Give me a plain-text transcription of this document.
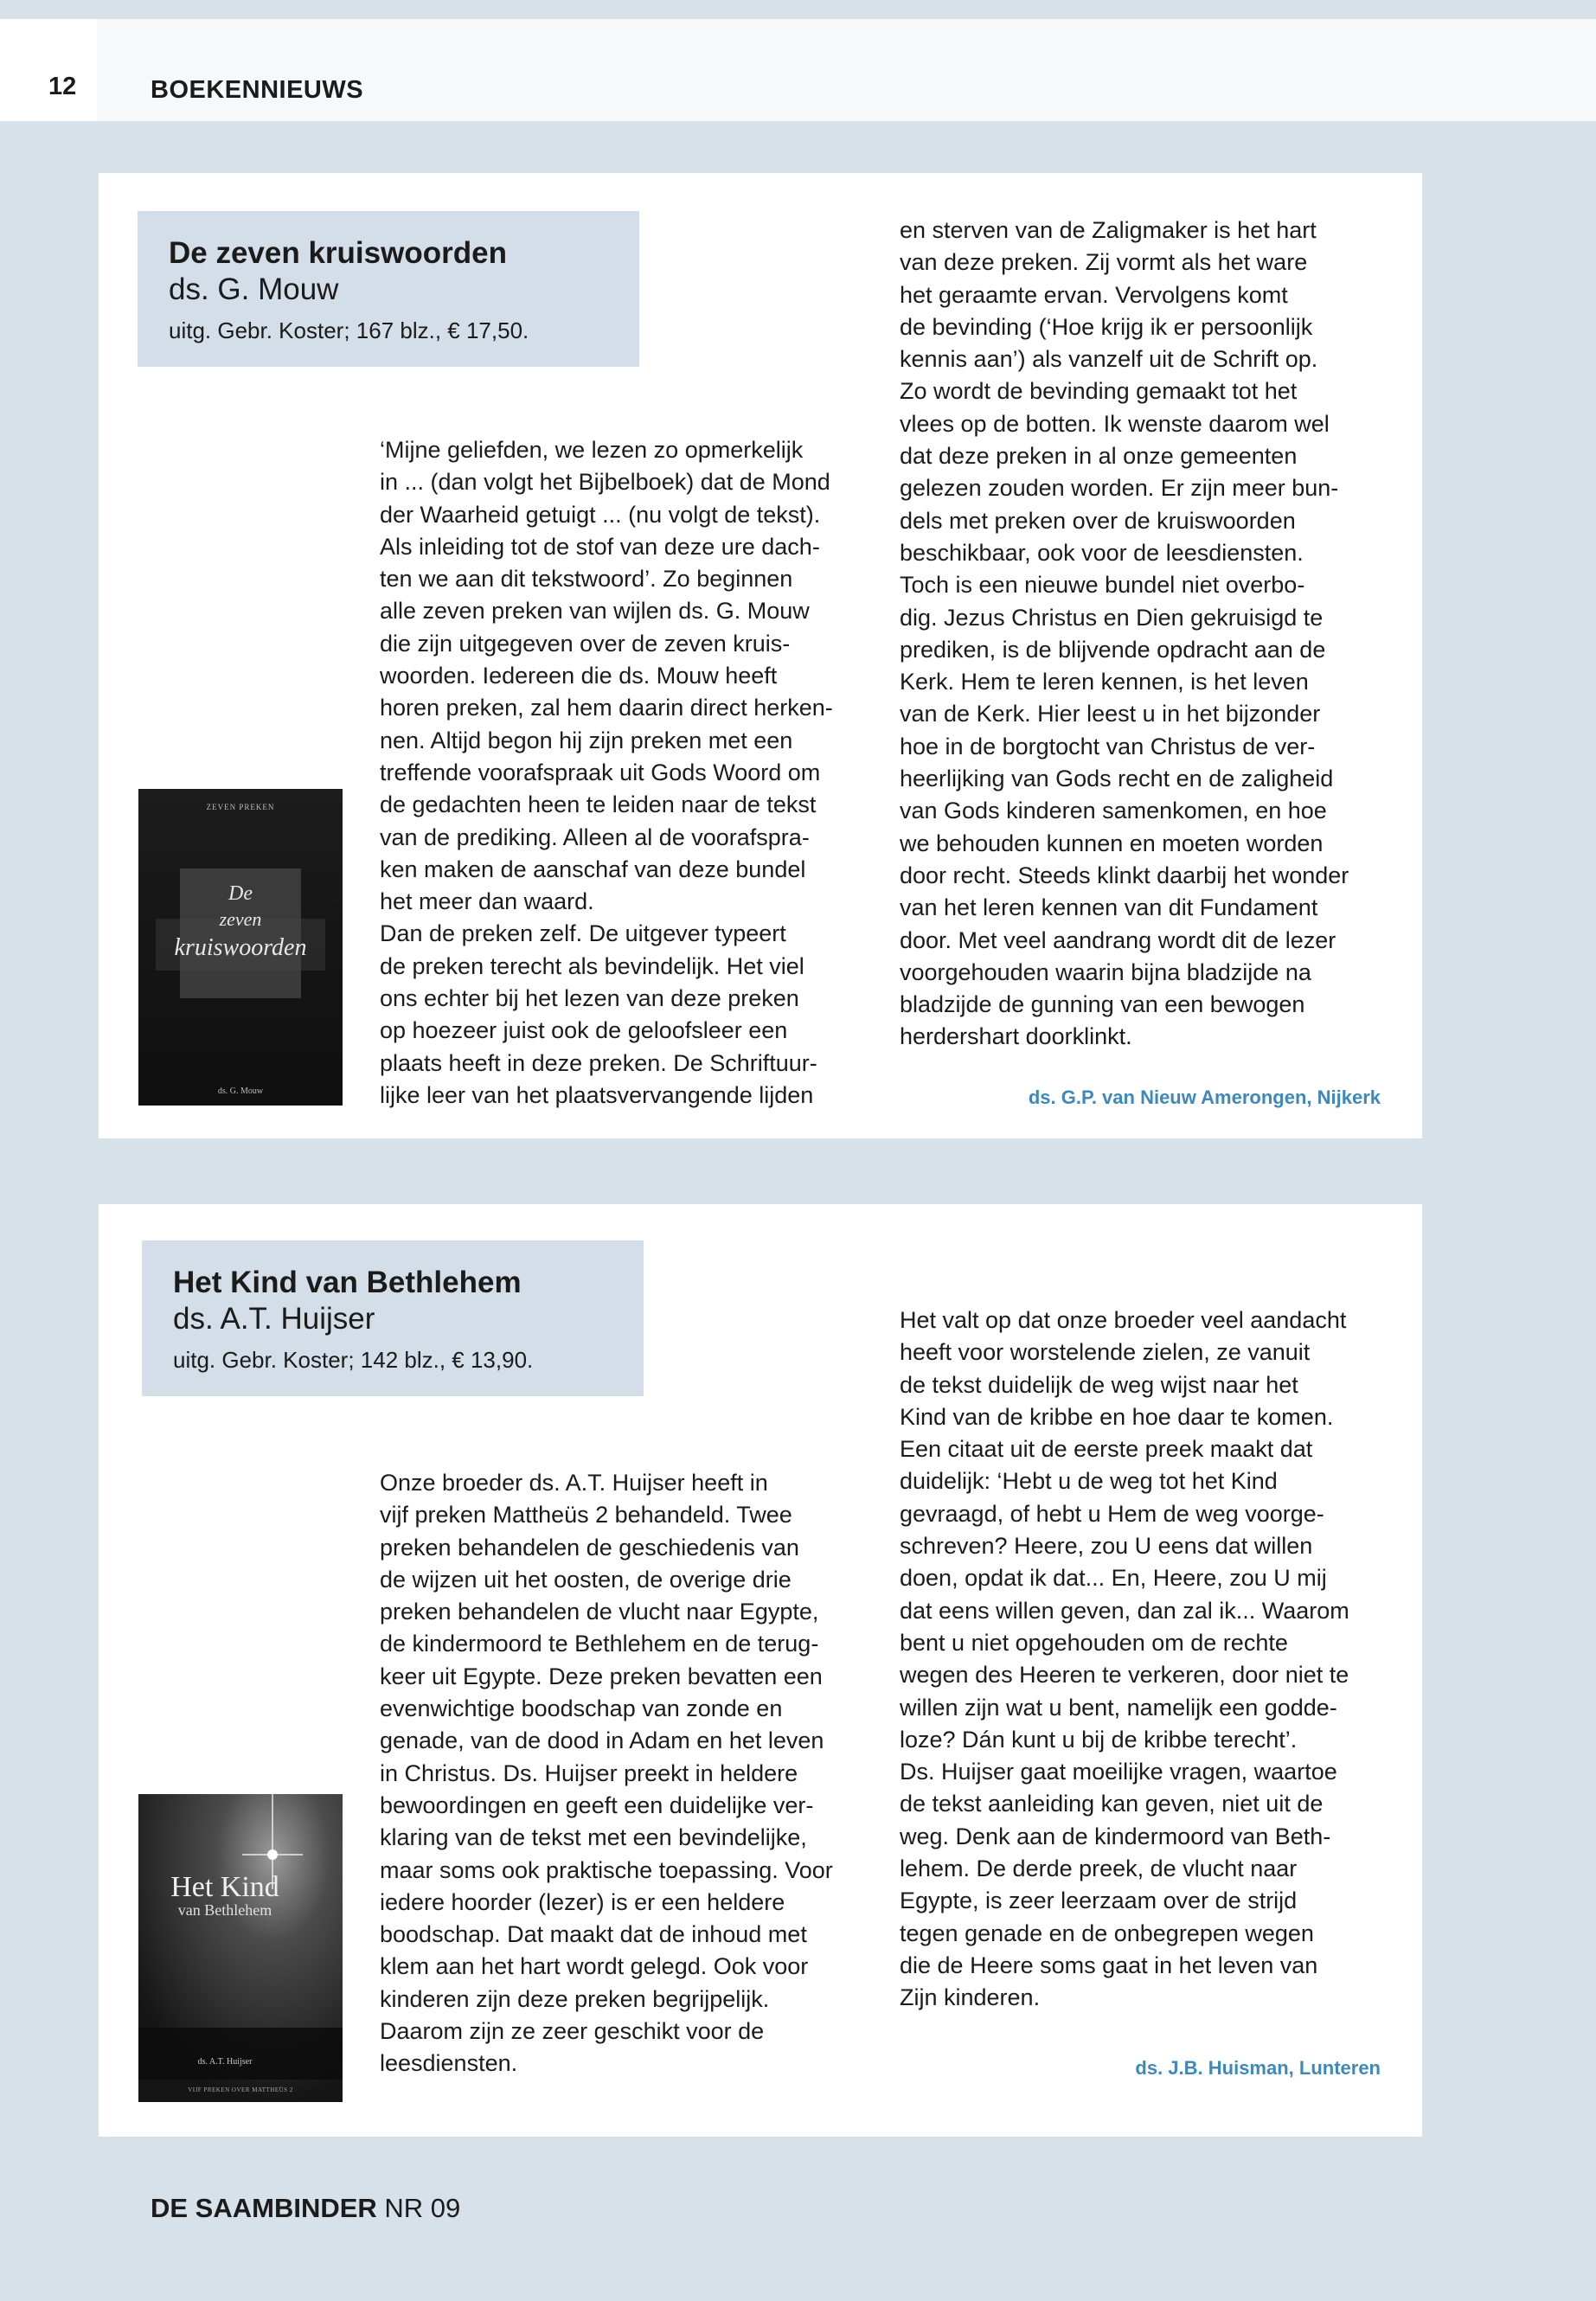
12	BOEKENNIEUWS
De zeven kruiswoorden
ds. G. Mouw
uitg. Gebr. Koster; 167 blz., € 17,50.
ZEVEN PREKEN
De
zeven
kruiswoorden
ds. G. Mouw
‘Mijne geliefden, we lezen zo opmerkelijk
in ... (dan volgt het Bijbelboek) dat de Mond
der Waarheid getuigt ... (nu volgt de tekst).
Als inleiding tot de stof van deze ure dach-
ten we aan dit tekstwoord’. Zo beginnen
alle zeven preken van wijlen ds. G. Mouw
die zijn uitgegeven over de zeven kruis-
woorden. Iedereen die ds. Mouw heeft
horen preken, zal hem daarin direct herken-
nen. Altijd begon hij zijn preken met een
treffende voorafspraak uit Gods Woord om
de gedachten heen te leiden naar de tekst
van de prediking. Alleen al de voorafspra-
ken maken de aanschaf van deze bundel
het meer dan waard.
Dan de preken zelf. De uitgever typeert
de preken terecht als bevindelijk. Het viel
ons echter bij het lezen van deze preken
op hoezeer juist ook de geloofsleer een
plaats heeft in deze preken. De Schriftuur-
lijke leer van het plaatsvervangende lijden
en sterven van de Zaligmaker is het hart
van deze preken. Zij vormt als het ware
het geraamte ervan. Vervolgens komt
de bevinding (‘Hoe krijg ik er persoonlijk
kennis aan’) als vanzelf uit de Schrift op.
Zo wordt de bevinding gemaakt tot het
vlees op de botten. Ik wenste daarom wel
dat deze preken in al onze gemeenten
gelezen zouden worden. Er zijn meer bun-
dels met preken over de kruiswoorden
beschikbaar, ook voor de leesdiensten.
Toch is een nieuwe bundel niet overbo-
dig. Jezus Christus en Dien gekruisigd te
prediken, is de blijvende opdracht aan de
Kerk. Hem te leren kennen, is het leven
van de Kerk. Hier leest u in het bijzonder
hoe in de borgtocht van Christus de ver-
heerlijking van Gods recht en de zaligheid
van Gods kinderen samenkomen, en hoe
we behouden kunnen en moeten worden
door recht. Steeds klinkt daarbij het wonder
van het leren kennen van dit Fundament
door. Met veel aandrang wordt dit de lezer
voorgehouden waarin bijna bladzijde na
bladzijde de gunning van een bewogen
herdershart doorklinkt.
ds. G.P. van Nieuw Amerongen, Nijkerk
Het Kind van Bethlehem
ds. A.T. Huijser
uitg. Gebr. Koster; 142 blz., € 13,90.
Het Kind
van Bethlehem
ds. A.T. Huijser
VIJF PREKEN OVER MATTHEÜS 2
Onze broeder ds. A.T. Huijser heeft in
vijf preken Mattheüs 2 behandeld. Twee
preken behandelen de geschiedenis van
de wijzen uit het oosten, de overige drie
preken behandelen de vlucht naar Egypte,
de kindermoord te Bethlehem en de terug-
keer uit Egypte. Deze preken bevatten een
evenwichtige boodschap van zonde en
genade, van de dood in Adam en het leven
in Christus. Ds. Huijser preekt in heldere
bewoordingen en geeft een duidelijke ver-
klaring van de tekst met een bevindelijke,
maar soms ook praktische toepassing. Voor
iedere hoorder (lezer) is er een heldere
boodschap. Dat maakt dat de inhoud met
klem aan het hart wordt gelegd. Ook voor
kinderen zijn deze preken begrijpelijk.
Daarom zijn ze zeer geschikt voor de
leesdiensten.
Het valt op dat onze broeder veel aandacht
heeft voor worstelende zielen, ze vanuit
de tekst duidelijk de weg wijst naar het
Kind van de kribbe en hoe daar te komen.
Een citaat uit de eerste preek maakt dat
duidelijk: ‘Hebt u de weg tot het Kind
gevraagd, of hebt u Hem de weg voorge-
schreven? Heere, zou U eens dat willen
doen, opdat ik dat... En, Heere, zou U mij
dat eens willen geven, dan zal ik... Waarom
bent u niet opgehouden om de rechte
wegen des Heeren te verkeren, door niet te
willen zijn wat u bent, namelijk een godde-
loze? Dán kunt u bij de kribbe terecht’.
Ds. Huijser gaat moeilijke vragen, waartoe
de tekst aanleiding kan geven, niet uit de
weg. Denk aan de kindermoord van Beth-
lehem. De derde preek, de vlucht naar
Egypte, is zeer leerzaam over de strijd
tegen genade en de onbegrepen wegen
die de Heere soms gaat in het leven van
Zijn kinderen.
ds. J.B. Huisman, Lunteren
DE SAAMBINDER NR 09
